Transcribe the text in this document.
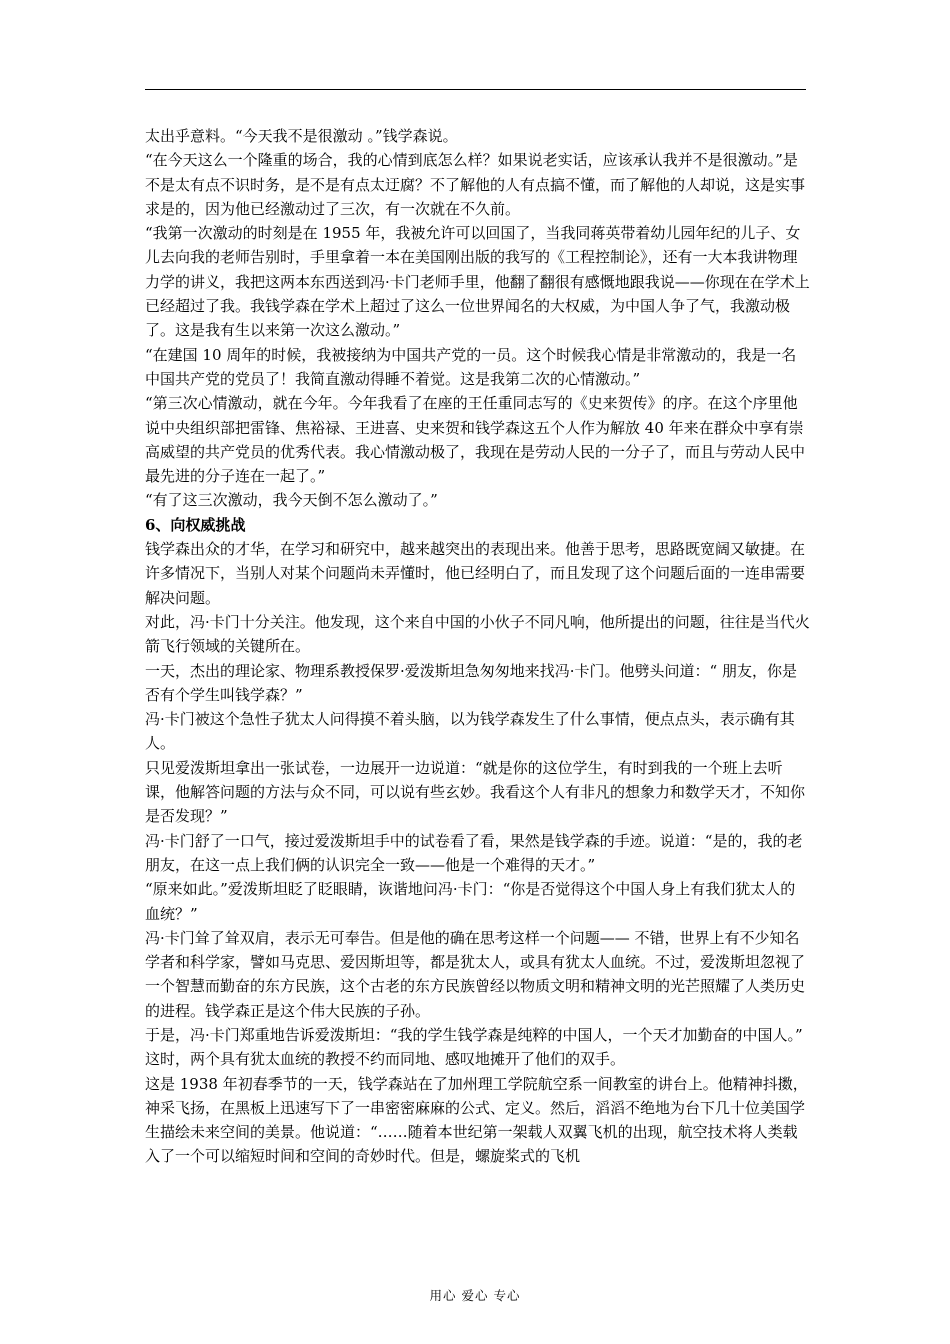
太出乎意料。“今天我不是很激动 。”钱学森说。

“在今天这么一个隆重的场合，我的心情到底怎么样？如果说老实话，应该承认我并不是很激动。”是不是太有点不识时务，是不是有点太迂腐？不了解他的人有点搞不懂，而了解他的人却说，这是实事求是的，因为他已经激动过了三次，有一次就在不久前。

“我第一次激动的时刻是在 1955 年，我被允许可以回国了，当我同蒋英带着幼儿园年纪的儿子、女儿去向我的老师告别时，手里拿着一本在美国刚出版的我写的《工程控制论》，还有一大本我讲物理力学的讲义，我把这两本东西送到冯·卡门老师手里，他翻了翻很有感慨地跟我说——你现在在学术上已经超过了我。我钱学森在学术上超过了这么一位世界闻名的大权威，为中国人争了气，我激动极了。这是我有生以来第一次这么激动。”

“在建国 10 周年的时候，我被接纳为中国共产党的一员。这个时候我心情是非常激动的，我是一名中国共产党的党员了！我简直激动得睡不着觉。这是我第二次的心情激动。”

“第三次心情激动，就在今年。今年我看了在座的王任重同志写的《史来贺传》的序。在这个序里他说中央组织部把雷锋、焦裕禄、王进喜、史来贺和钱学森这五个人作为解放 40 年来在群众中享有崇高威望的共产党员的优秀代表。我心情激动极了，我现在是劳动人民的一分子了，而且与劳动人民中最先进的分子连在一起了。”

“有了这三次激动，我今天倒不怎么激动了。”

6、向权威挑战

钱学森出众的才华，在学习和研究中，越来越突出的表现出来。他善于思考，思路既宽阔又敏捷。在许多情况下，当别人对某个问题尚未弄懂时，他已经明白了，而且发现了这个问题后面的一连串需要解决问题。

对此，冯·卡门十分关注。他发现，这个来自中国的小伙子不同凡响，他所提出的问题，往往是当代火箭飞行领域的关键所在。

一天，杰出的理论家、物理系教授保罗·爱泼斯坦急匆匆地来找冯·卡门。他劈头问道：“ 朋友，你是否有个学生叫钱学森？”

冯·卡门被这个急性子犹太人问得摸不着头脑，以为钱学森发生了什么事情，便点点头，表示确有其人。

只见爱泼斯坦拿出一张试卷，一边展开一边说道：“就是你的这位学生，有时到我的一个班上去听课，他解答问题的方法与众不同，可以说有些玄妙。我看这个人有非凡的想象力和数学天才，不知你是否发现？”

冯·卡门舒了一口气，接过爱泼斯坦手中的试卷看了看，果然是钱学森的手迹。说道：“是的，我的老朋友，在这一点上我们俩的认识完全一致——他是一个难得的天才。”

“原来如此。”爱泼斯坦眨了眨眼睛，诙谐地问冯·卡门：“你是否觉得这个中国人身上有我们犹太人的血统？”

冯·卡门耸了耸双肩，表示无可奉告。但是他的确在思考这样一个问题—— 不错，世界上有不少知名学者和科学家，譬如马克思、爱因斯坦等，都是犹太人，或具有犹太人血统。不过，爱泼斯坦忽视了一个智慧而勤奋的东方民族，这个古老的东方民族曾经以物质文明和精神文明的光芒照耀了人类历史的进程。钱学森正是这个伟大民族的子孙。

于是，冯·卡门郑重地告诉爱泼斯坦：“我的学生钱学森是纯粹的中国人，一个天才加勤奋的中国人。”

这时，两个具有犹太血统的教授不约而同地、感叹地摊开了他们的双手。

这是 1938 年初春季节的一天，钱学森站在了加州理工学院航空系一间教室的讲台上。他精神抖擞，神采飞扬，在黑板上迅速写下了一串密密麻麻的公式、定义。然后，滔滔不绝地为台下几十位美国学生描绘未来空间的美景。他说道：“……随着本世纪第一架载人双翼飞机的出现，航空技术将人类载入了一个可以缩短时间和空间的奇妙时代。但是，螺旋桨式的飞机

用心 爱心 专心
